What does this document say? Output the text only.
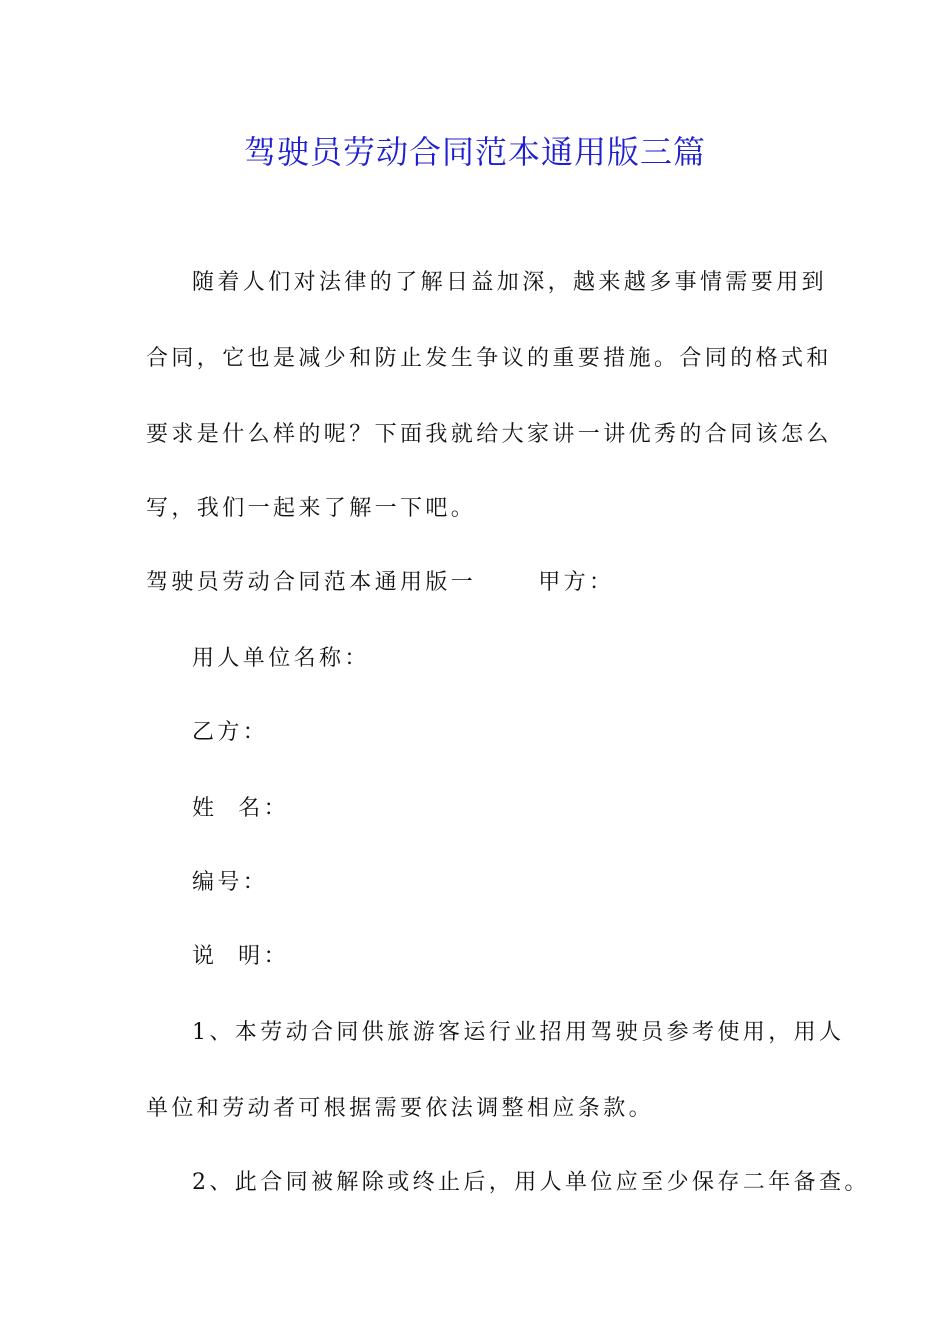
驾驶员劳动合同范本通用版三篇
随着人们对法律的了解日益加深，越来越多事情需要用到
合同，它也是减少和防止发生争议的重要措施。合同的格式和
要求是什么样的呢？下面我就给大家讲一讲优秀的合同该怎么
写，我们一起来了解一下吧。
驾驶员劳动合同范本通用版一	甲方：
用人单位名称：
乙方：
姓  名：
编号：
说  明：
1、本劳动合同供旅游客运行业招用驾驶员参考使用，用人
单位和劳动者可根据需要依法调整相应条款。
2、此合同被解除或终止后，用人单位应至少保存二年备查。
